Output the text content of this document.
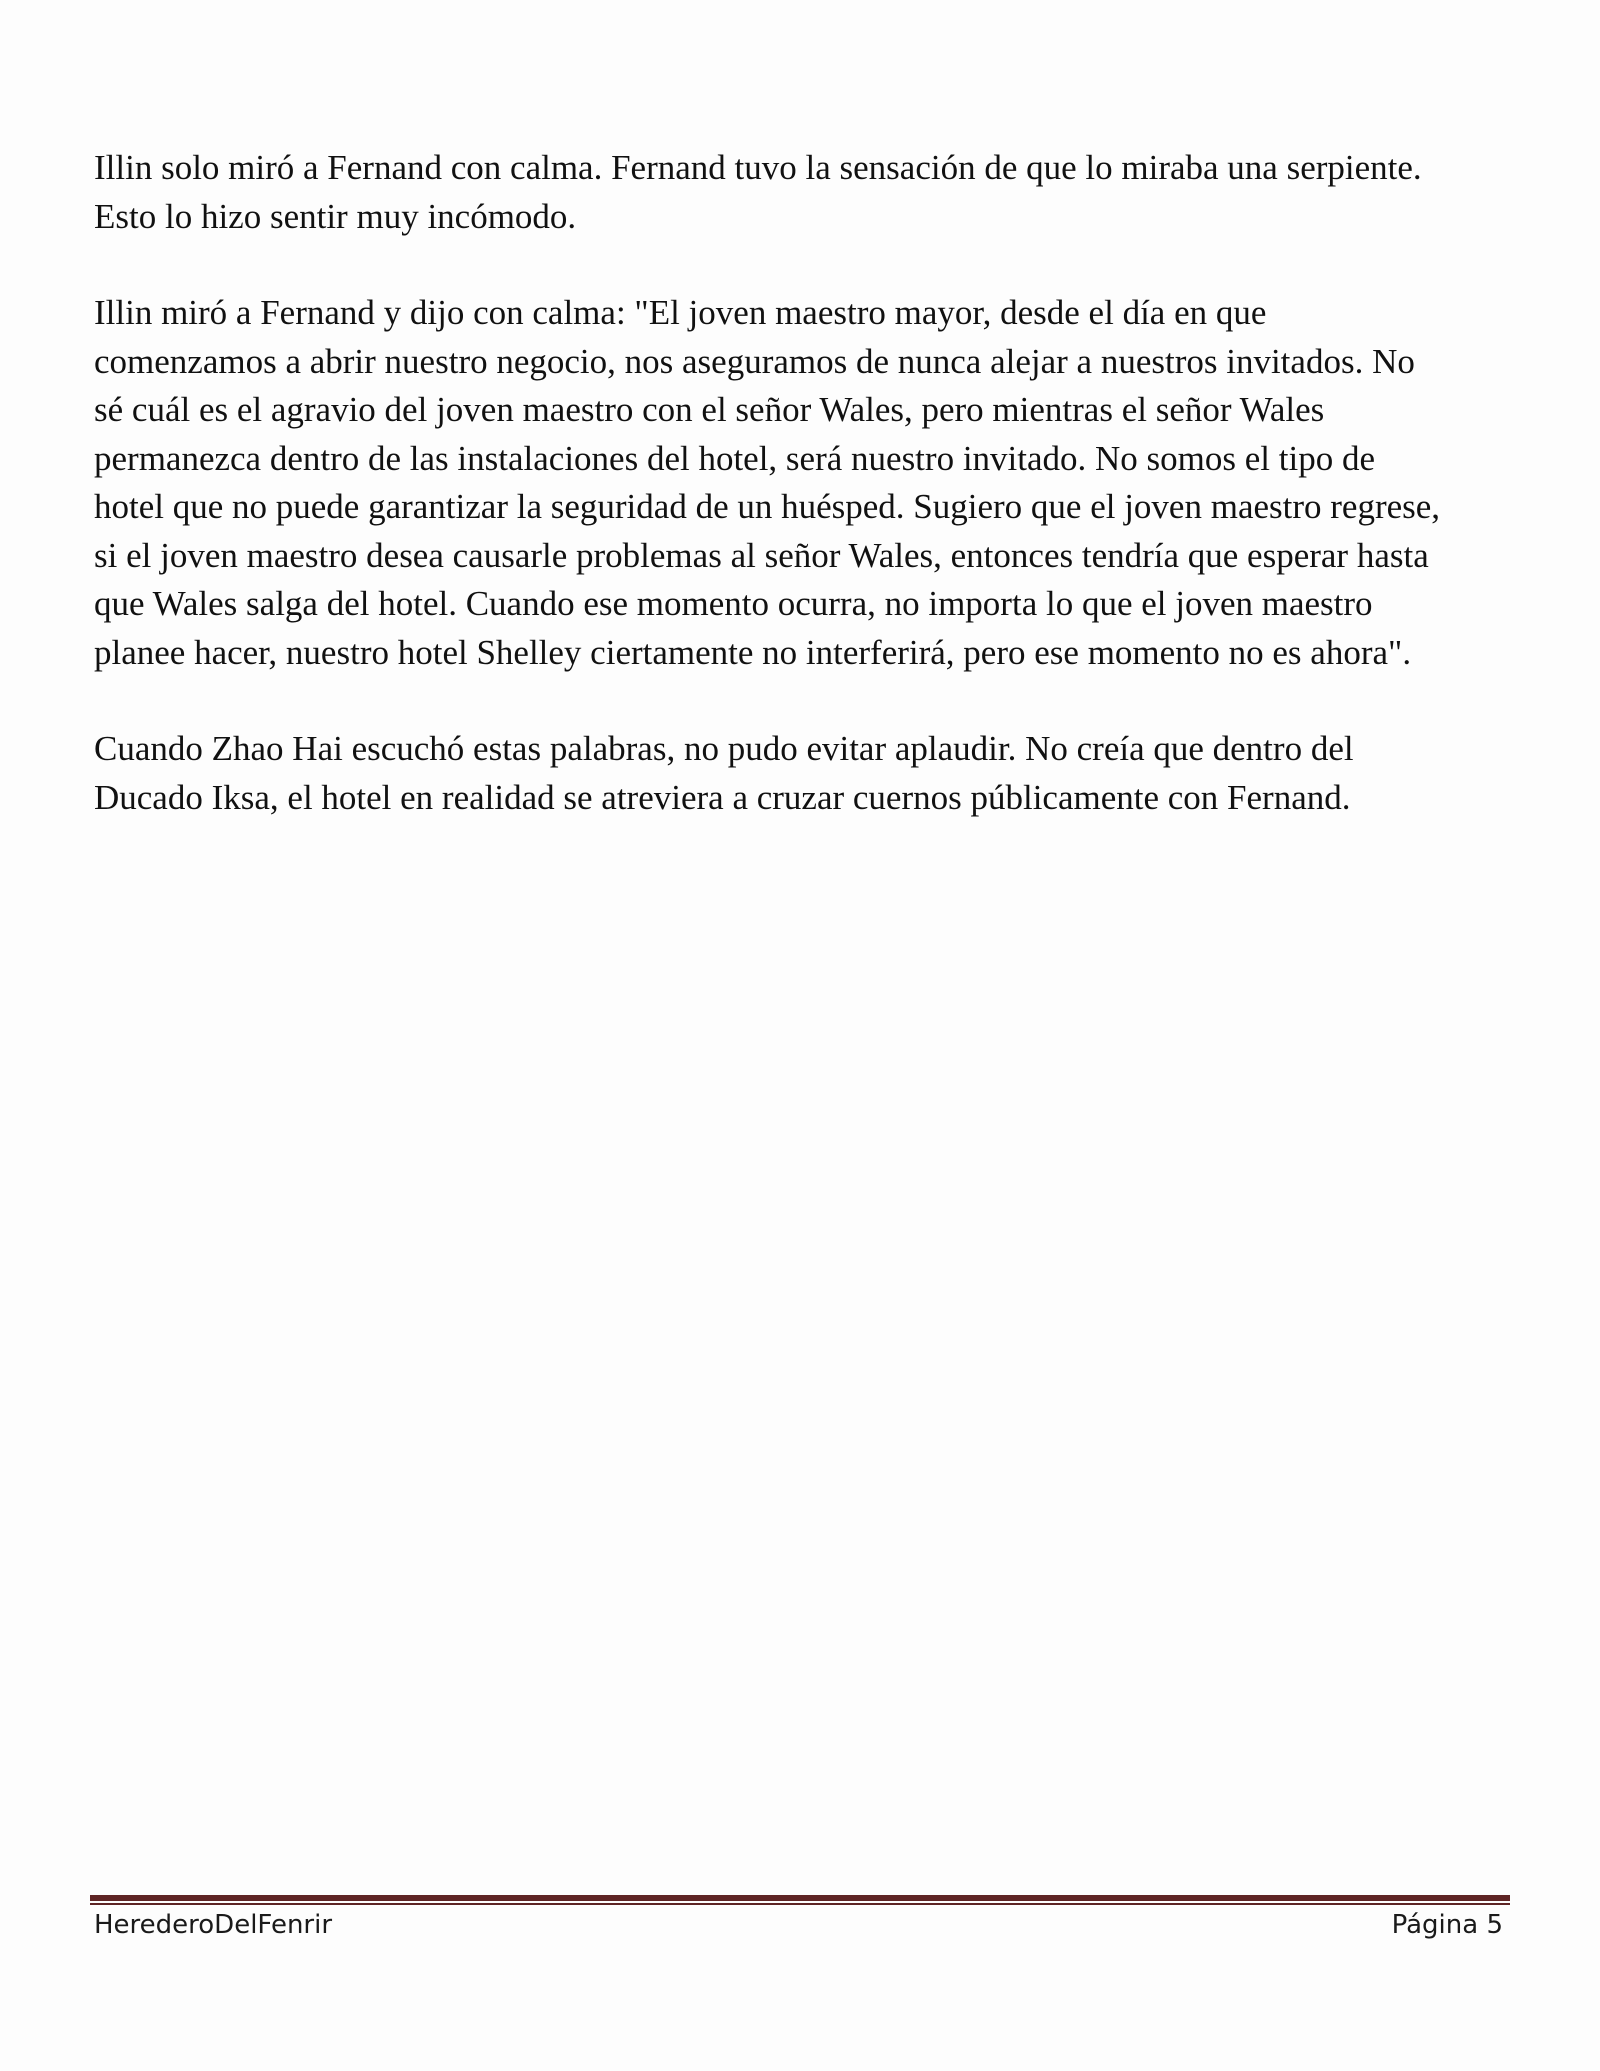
Illin solo miró a Fernand con calma. Fernand tuvo la sensación de que lo miraba una serpiente.
Esto lo hizo sentir muy incómodo.

Illin miró a Fernand y dijo con calma: "El joven maestro mayor, desde el día en que
comenzamos a abrir nuestro negocio, nos aseguramos de nunca alejar a nuestros invitados. No
sé cuál es el agravio del joven maestro con el señor Wales, pero mientras el señor Wales
permanezca dentro de las instalaciones del hotel, será nuestro invitado. No somos el tipo de
hotel que no puede garantizar la seguridad de un huésped. Sugiero que el joven maestro regrese,
si el joven maestro desea causarle problemas al señor Wales, entonces tendría que esperar hasta
que Wales salga del hotel. Cuando ese momento ocurra, no importa lo que el joven maestro
planee hacer, nuestro hotel Shelley ciertamente no interferirá, pero ese momento no es ahora".

Cuando Zhao Hai escuchó estas palabras, no pudo evitar aplaudir. No creía que dentro del
Ducado Iksa, el hotel en realidad se atreviera a cruzar cuernos públicamente con Fernand.

HerederoDelFenrir	Página 5
